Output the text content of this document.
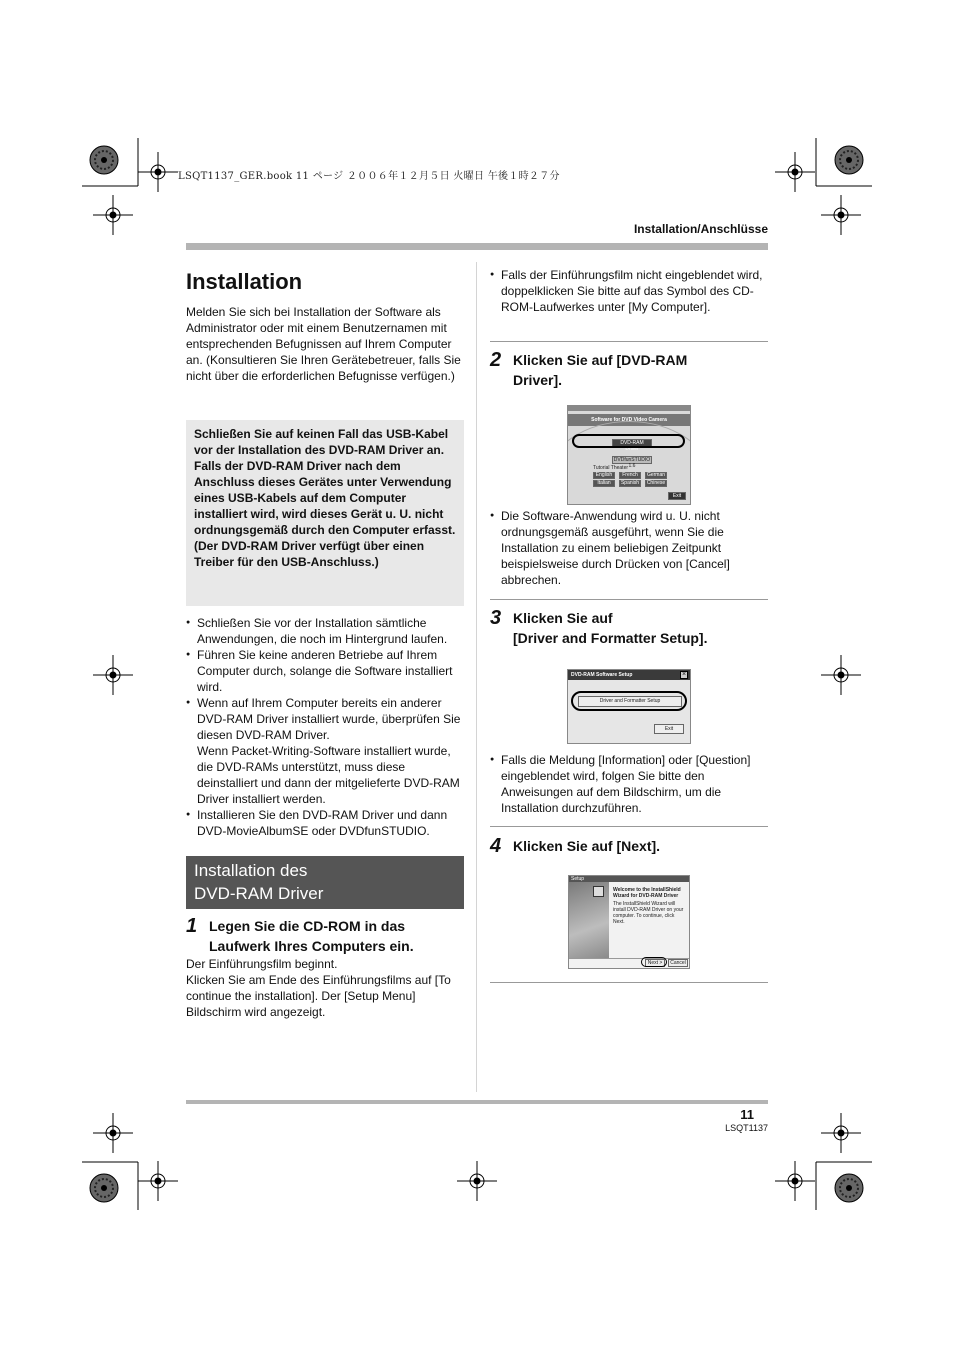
LSQT1137_GER.book 11 ページ ２００６年１２月５日 火曜日 午後１時２７分
Installation/Anschlüsse
Installation
Melden Sie sich bei Installation der Software als Administrator oder mit einem Benutzernamen mit entsprechenden Befugnissen auf Ihrem Computer an. (Konsultieren Sie Ihren Gerätebetreuer, falls Sie nicht über die erforderlichen Befugnisse verfügen.)
Schließen Sie auf keinen Fall das USB-Kabel vor der Installation des DVD-RAM Driver an.
Falls der DVD-RAM Driver nach dem Anschluss dieses Gerätes unter Verwendung eines USB-Kabels auf dem Computer installiert wird, wird dieses Gerät u. U. nicht ordnungsgemäß durch den Computer erfasst.
(Der DVD-RAM Driver verfügt über einen Treiber für den USB-Anschluss.)
● Schließen Sie vor der Installation sämtliche Anwendungen, die noch im Hintergrund laufen.
● Führen Sie keine anderen Betriebe auf Ihrem Computer durch, solange die Software installiert wird.
● Wenn auf Ihrem Computer bereits ein anderer DVD-RAM Driver installiert wurde, überprüfen Sie diesen DVD-RAM Driver.
Wenn Packet-Writing-Software installiert wurde, die DVD-RAMs unterstützt, muss diese deinstalliert und dann der mitgelieferte DVD-RAM Driver installiert werden.
● Installieren Sie den DVD-RAM Driver und dann DVD-MovieAlbumSE oder DVDfunSTUDIO.
Installation des
DVD-RAM Driver
1 Legen Sie die CD-ROM in das Laufwerk Ihres Computers ein.
Der Einführungsfilm beginnt.
Klicken Sie am Ende des Einführungsfilms auf [To continue the installation]. Der [Setup Menu] Bildschirm wird angezeigt.
● Falls der Einführungsfilm nicht eingeblendet wird, doppelklicken Sie bitte auf das Symbol des CD-ROM-Laufwerkes unter [My Computer].
2 Klicken Sie auf [DVD-RAM Driver].
Software for DVD Video Camera
DVD-RAM Driver
DVDfunSTUDIO 1.6
Tutorial Theater
English	French	German
Italian	Spanish	Chinese
Exit
● Die Software-Anwendung wird u. U. nicht ordnungsgemäß ausgeführt, wenn Sie die Installation zu einem beliebigen Zeitpunkt beispielsweise durch Drücken von [Cancel] abbrechen.
3 Klicken Sie auf
[Driver and Formatter Setup].
DVD-RAM Software Setup	×
Driver and Formatter Setup
Exit
● Falls die Meldung [Information] oder [Question] eingeblendet wird, folgen Sie bitte den Anweisungen auf dem Bildschirm, um die Installation durchzuführen.
4 Klicken Sie auf [Next].
Setup
Welcome to the InstallShield Wizard for DVD-RAM Driver
The InstallShield Wizard will install DVD-RAM Driver on your computer. To continue, click Next.
Next >	Cancel
11
LSQT1137
